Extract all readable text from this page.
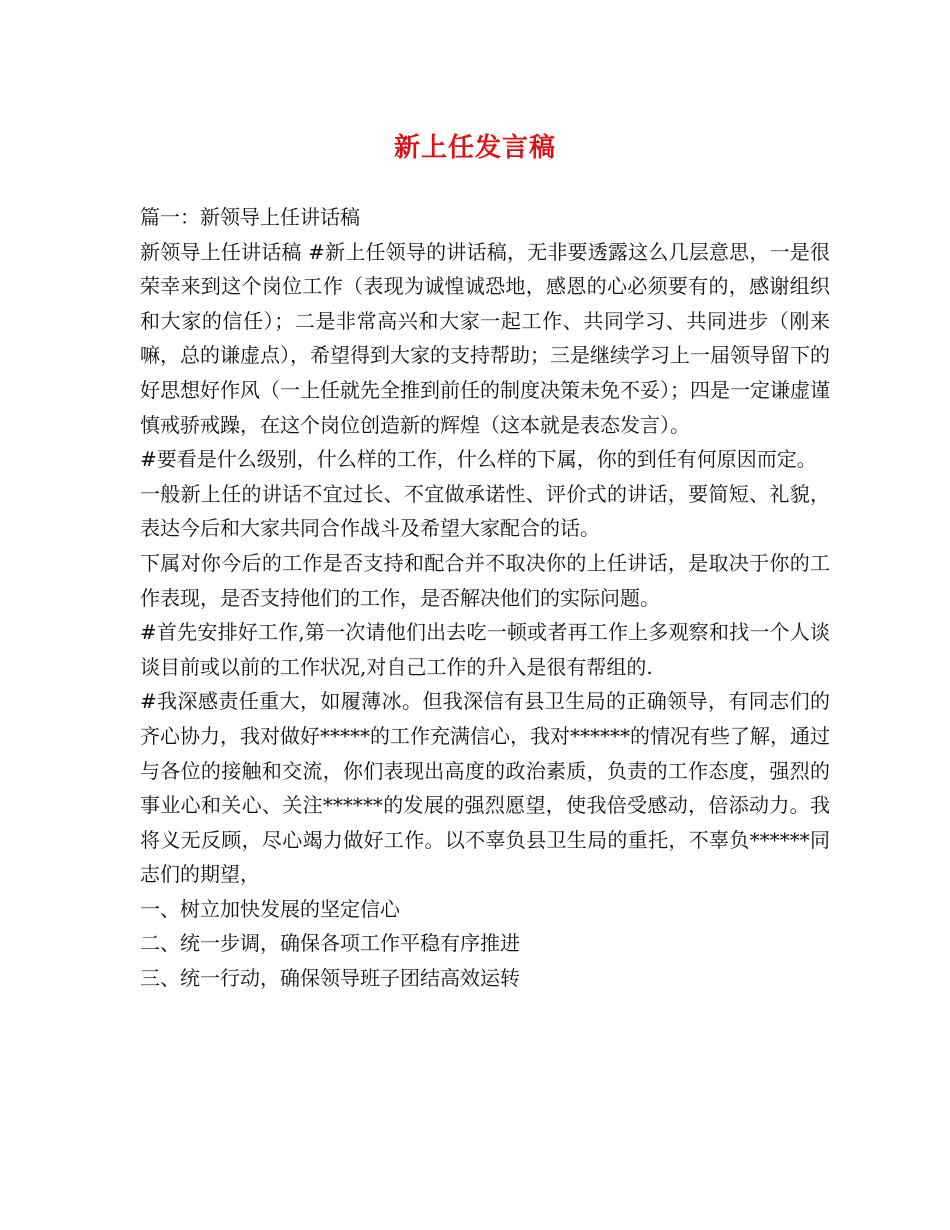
新上任发言稿

篇一：新领导上任讲话稿

新领导上任讲话稿 #新上任领导的讲话稿，无非要透露这么几层意思，一是很荣幸来到这个岗位工作（表现为诚惶诚恐地，感恩的心必须要有的，感谢组织和大家的信任）；二是非常高兴和大家一起工作、共同学习、共同进步（刚来嘛，总的谦虚点），希望得到大家的支持帮助；三是继续学习上一届领导留下的好思想好作风（一上任就先全推到前任的制度决策未免不妥）；四是一定谦虚谨慎戒骄戒躁，在这个岗位创造新的辉煌（这本就是表态发言）。

#要看是什么级别，什么样的工作，什么样的下属，你的到任有何原因而定。

一般新上任的讲话不宜过长、不宜做承诺性、评价式的讲话，要简短、礼貌，表达今后和大家共同合作战斗及希望大家配合的话。

下属对你今后的工作是否支持和配合并不取决你的上任讲话，是取决于你的工作表现，是否支持他们的工作，是否解决他们的实际问题。

#首先安排好工作,第一次请他们出去吃一顿或者再工作上多观察和找一个人谈谈目前或以前的工作状况,对自己工作的升入是很有帮组的.

#我深感责任重大，如履薄冰。但我深信有县卫生局的正确领导，有同志们的齐心协力，我对做好*****的工作充满信心，我对******的情况有些了解，通过与各位的接触和交流，你们表现出高度的政治素质，负责的工作态度，强烈的事业心和关心、关注******的发展的强烈愿望，使我倍受感动，倍添动力。我将义无反顾，尽心竭力做好工作。以不辜负县卫生局的重托，不辜负******同志们的期望，

一、树立加快发展的坚定信心

二、统一步调，确保各项工作平稳有序推进

三、统一行动，确保领导班子团结高效运转
